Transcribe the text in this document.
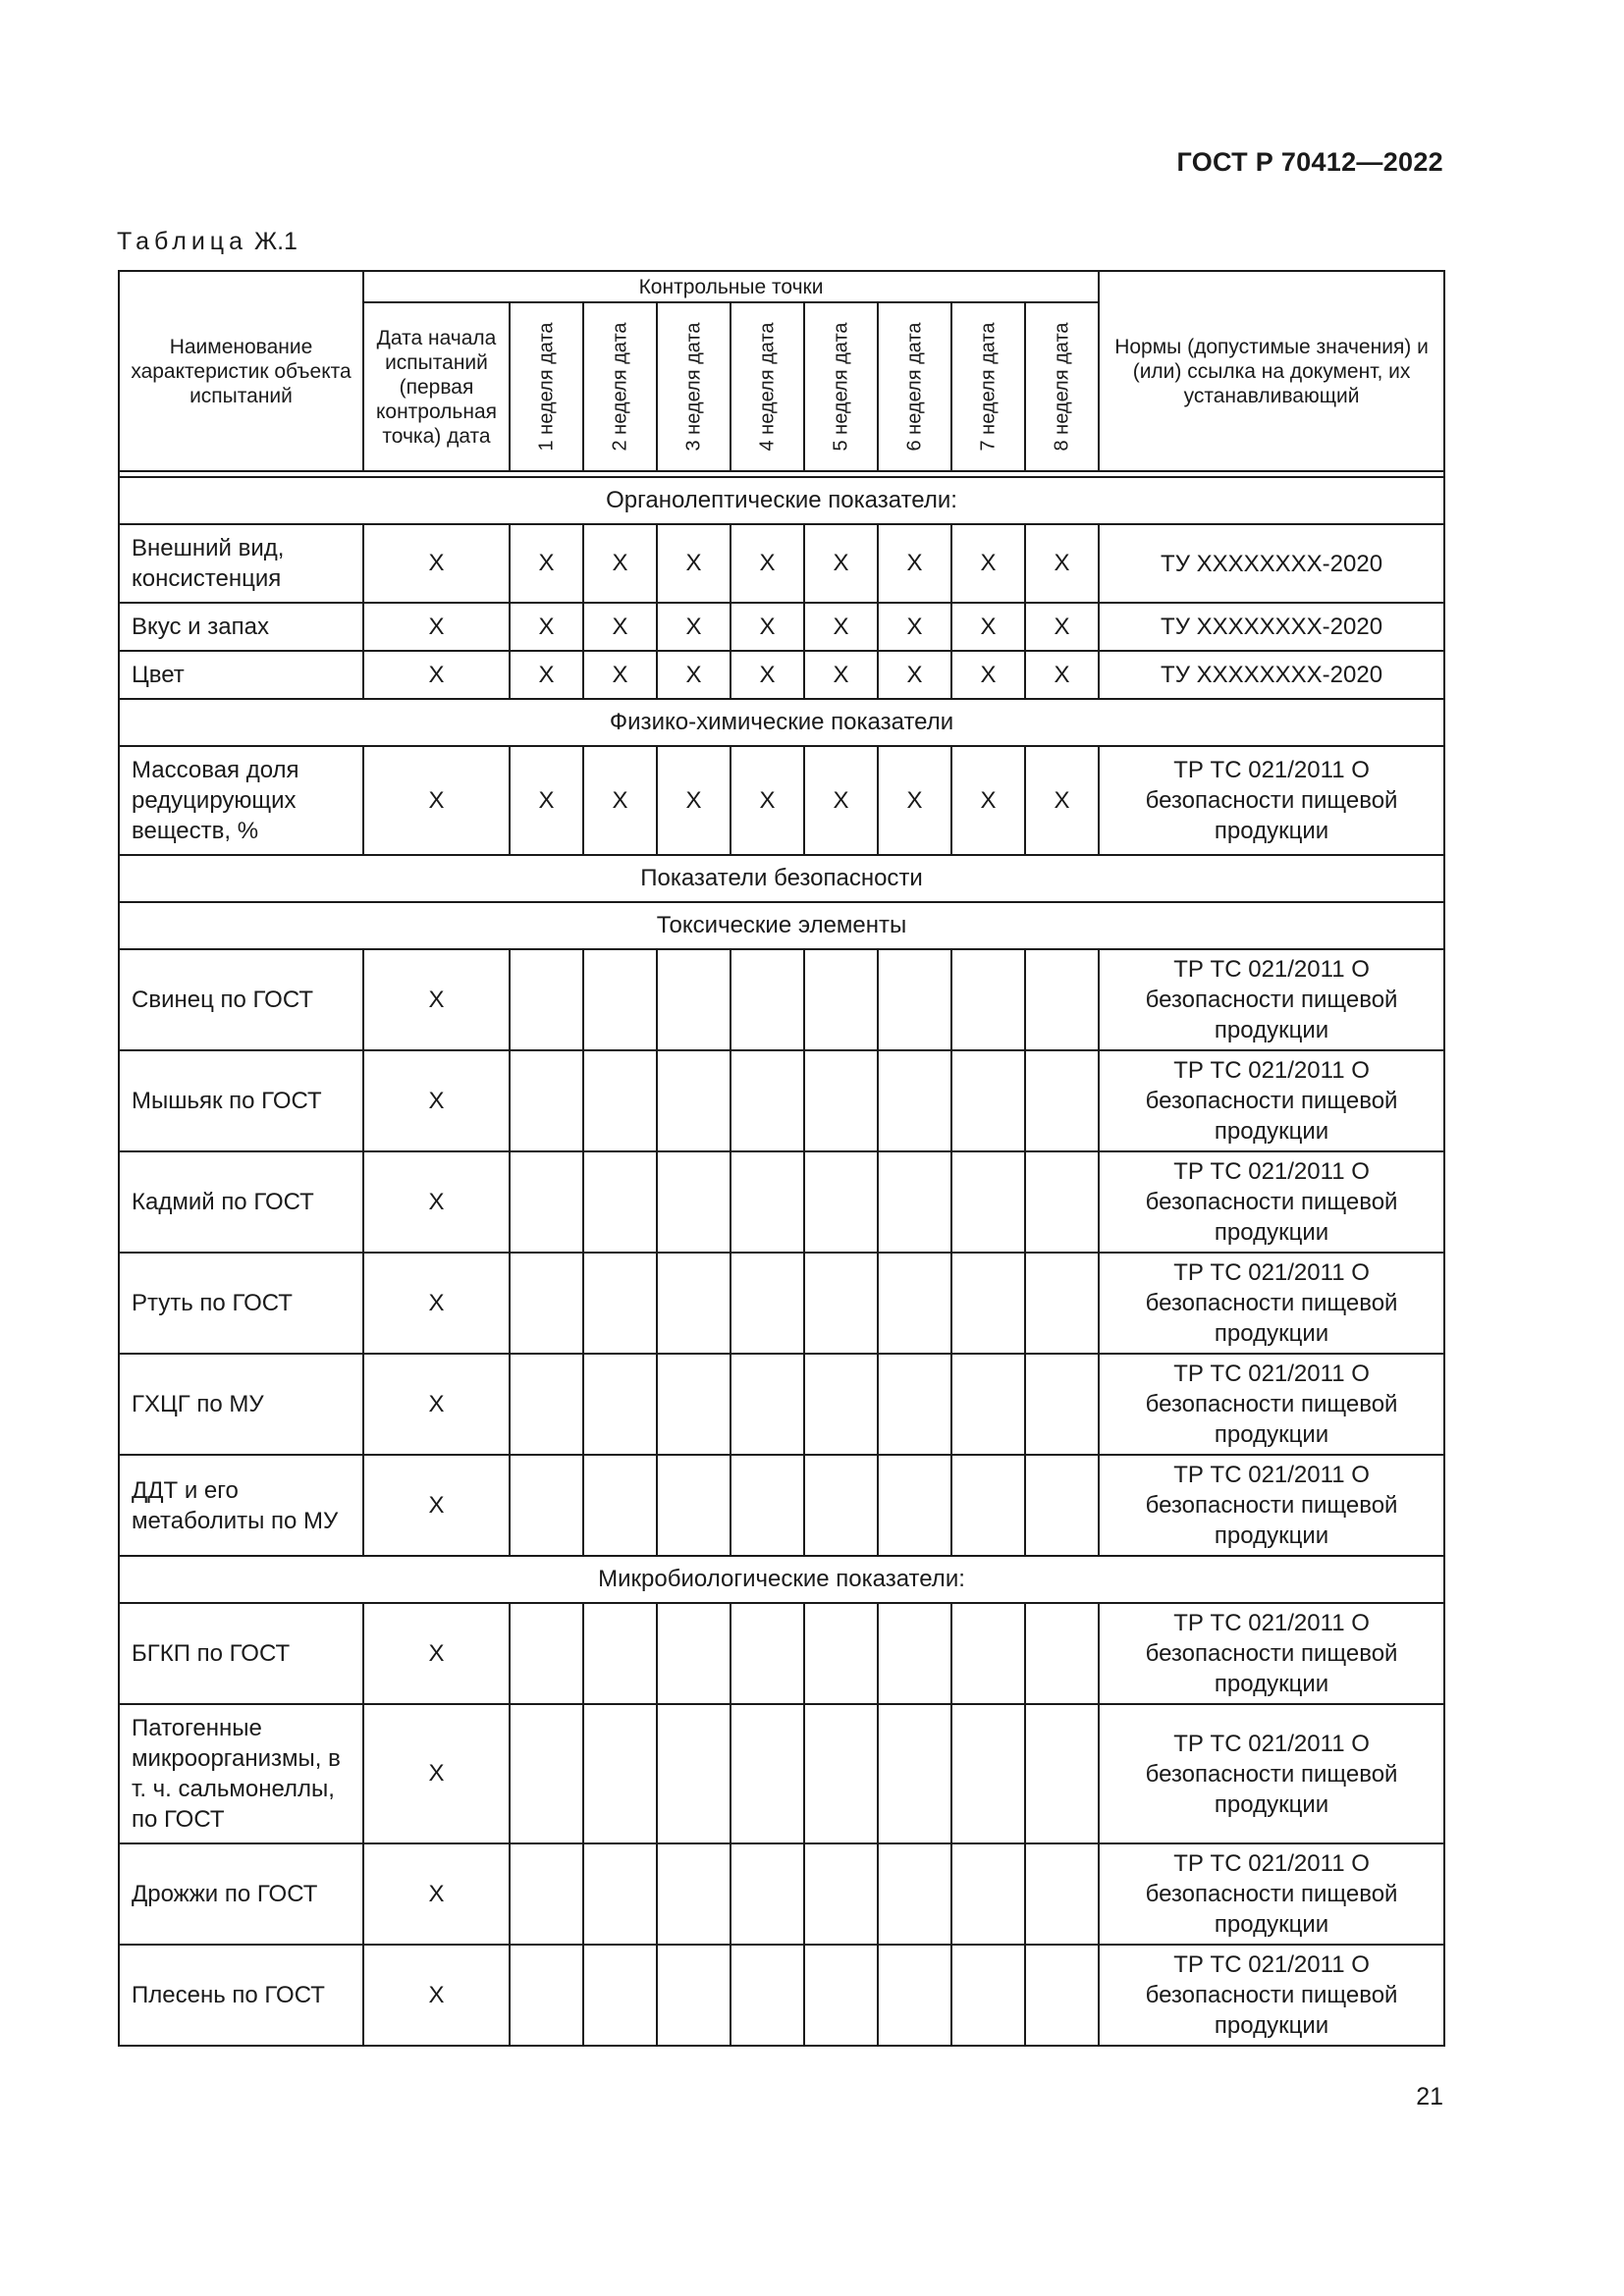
ГОСТ Р 70412—2022
Таблица Ж.1
Наименование характеристик объекта испытаний	Контрольные точки									Нормы (допустимые значения) и (или) ссылка на документ, их устанавливающий
	Дата начала испытаний (первая контрольная точка) дата	1 неделя дата	2 неделя дата	3 неделя дата	4 неделя дата	5 неделя дата	6 неделя дата	7 неделя дата	8 неделя дата	

Органолептические показатели:										
Внешний вид, консистенция	Х	Х	Х	Х	Х	Х	Х	Х	Х	ТУ ХХХХХХХХ-2020
Вкус и запах	Х	Х	Х	Х	Х	Х	Х	Х	Х	ТУ ХХХХХХХХ-2020
Цвет	Х	Х	Х	Х	Х	Х	Х	Х	Х	ТУ ХХХХХХХХ-2020
Физико-химические показатели										
Массовая доля редуцирующих веществ, %	Х	Х	Х	Х	Х	Х	Х	Х	Х	ТР ТС 021/2011 О безопасности пищевой продукции
Показатели безопасности										
Токсические элементы										
Свинец по ГОСТ	Х									ТР ТС 021/2011 О безопасности пищевой продукции
Мышьяк по ГОСТ	Х									ТР ТС 021/2011 О безопасности пищевой продукции
Кадмий по ГОСТ	Х									ТР ТС 021/2011 О безопасности пищевой продукции
Ртуть по ГОСТ	Х									ТР ТС 021/2011 О безопасности пищевой продукции
ГХЦГ по МУ	Х									ТР ТС 021/2011 О безопасности пищевой продукции
ДДТ и его метаболиты по МУ	Х									ТР ТС 021/2011 О безопасности пищевой продукции
Микробиологические показатели:										
БГКП по ГОСТ	Х									ТР ТС 021/2011 О безопасности пищевой продукции
Патогенные микроорганизмы, в т. ч. сальмонеллы, по ГОСТ	Х									ТР ТС 021/2011 О безопасности пищевой продукции
Дрожжи по ГОСТ	Х									ТР ТС 021/2011 О безопасности пищевой продукции
Плесень по ГОСТ	Х									ТР ТС 021/2011 О безопасности пищевой продукции
21
